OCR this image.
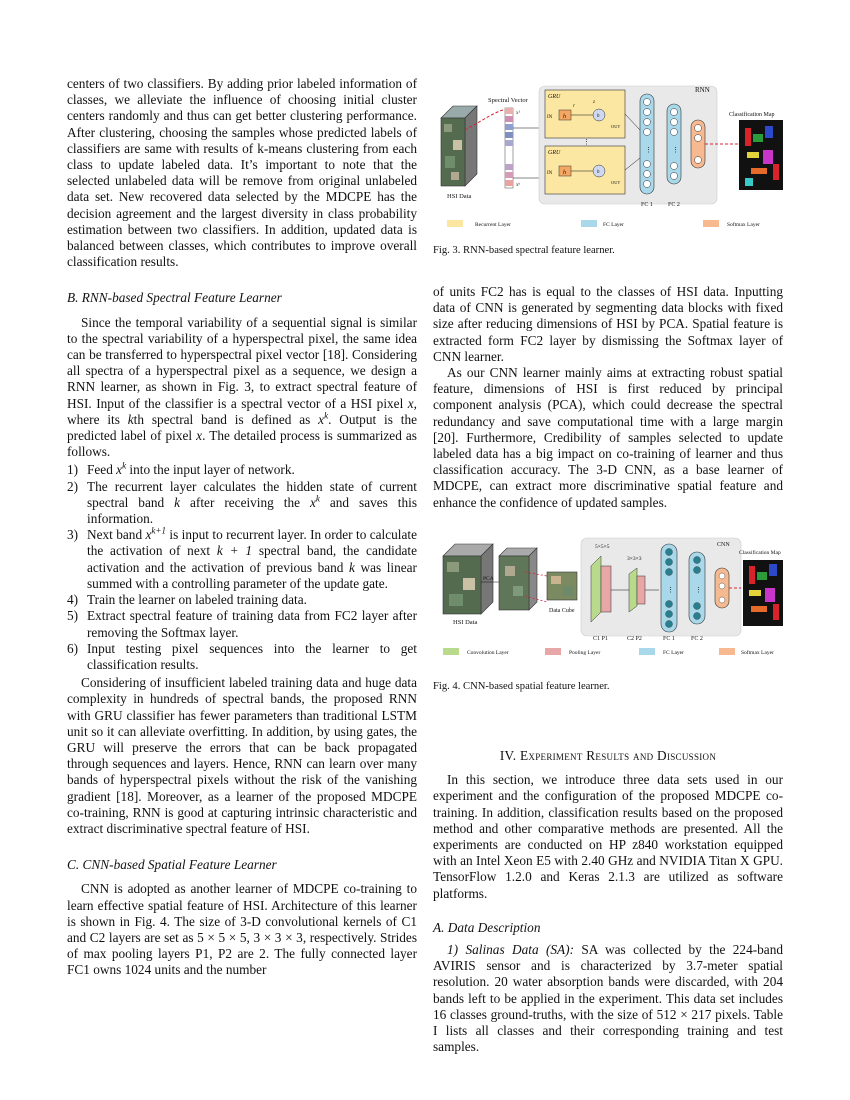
centers of two classifiers. By adding prior labeled information of classes, we alleviate the influence of choosing initial cluster centers randomly and thus can get better clustering performance. After clustering, choosing the samples whose predicted labels of classifiers are same with results of k-means clustering from each class to update labeled data. It’s important to note that the selected unlabeled data will be remove from original unlabeled data set. New recovered data selected by the MDCPE has the decision agreement and the largest diversity in class probability estimation between two classifiers. In addition, updated data is balanced between classes, which contributes to improve overall classification results.

B. RNN-based Spectral Feature Learner

Since the temporal variability of a sequential signal is similar to the spectral variability of a hyperspectral pixel, the same idea can be transferred to hyperspectral pixel vector [18]. Considering all spectra of a hyperspectral pixel as a sequence, we design a RNN learner, as shown in Fig. 3, to extract spectral feature of HSI. Input of the classifier is a spectral vector of a HSI pixel x, where its kth spectral band is defined as $x^k$. Output is the predicted label of pixel x. The detailed process is summarized as follows.

1) Feed $x^k$ into the input layer of network.
2) The recurrent layer calculates the hidden state of current spectral band k after receiving the $x^k$ and saves this information.
3) Next band $x^{k+1}$ is input to recurrent layer. In order to calculate the activation of next k + 1 spectral band, the candidate activation and the activation of previous band k was linear summed with a controlling parameter of the update gate.
4) Train the learner on labeled training data.
5) Extract spectral feature of training data from FC2 layer after removing the Softmax layer.
6) Input testing pixel sequences into the learner to get classification results.

Considering of insufficient labeled training data and huge data complexity in hundreds of spectral bands, the proposed RNN with GRU classifier has fewer parameters than traditional LSTM unit so it can alleviate overfitting. In addition, by using gates, the GRU will preserve the errors that can be back propagated through sequences and layers. Hence, RNN can learn over many bands of hyperspectral pixels without the risk of the vanishing gradient [18]. Moreover, as a learner of the proposed MDCPE co-training, RNN is good at capturing intrinsic characteristic and extract discriminative spectral feature of HSI.

C. CNN-based Spatial Feature Learner

CNN is adopted as another learner of MDCPE co-training to learn effective spatial feature of HSI. Architecture of this learner is shown in Fig. 4. The size of 3-D convolutional kernels of C1 and C2 layers are set as 5 × 5 × 5, 3 × 3 × 3, respectively. Strides of max pooling layers P1, P2 are 2. The fully connected layer FC1 owns 1024 units and the number

HSI Data
Spectral Vector
x¹
xᵏ
RNN
GRU
IN h	h
OUT
z
r
GRU
IN h	h
OUT
⋮
⋮	⋮
FC 1	FC 2
Classification Map
Recurrent Layer	FC Layer	Softmax Layer
Fig. 3. RNN-based spectral feature learner.

of units FC2 has is equal to the classes of HSI data. Inputting data of CNN is generated by segmenting data blocks with fixed size after reducing dimensions of HSI by PCA. Spatial feature is extracted form FC2 layer by dismissing the Softmax layer of CNN learner.

As our CNN learner mainly aims at extracting robust spatial feature, dimensions of HSI is first reduced by principal component analysis (PCA), which could decrease the spectral redundancy and save computational time with a large margin [20]. Furthermore, Credibility of samples selected to update labeled data has a big impact on co-training of learner and thus classification accuracy. The 3-D CNN, as a base learner of MDCPE, can extract more discriminative spatial feature and enhance the confidence of updated samples.

HSI Data
PCA
Data Cube
CNN
5×5×5
3×3×3
⋮	⋮
C1 P1	C2 P2	FC 1	FC 2
Classification Map
Convolution Layer	Pooling Layer	FC Layer	Softmax Layer
Fig. 4. CNN-based spatial feature learner.
IV. Experiment Results and Discussion

In this section, we introduce three data sets used in our experiment and the configuration of the proposed MDCPE co-training. In addition, classification results based on the proposed method and other comparative methods are presented. All the experiments are conducted on HP z840 workstation equipped with an Intel Xeon E5 with 2.40 GHz and NVIDIA Titan X GPU. TensorFlow 1.2.0 and Keras 2.1.3 are utilized as software platforms.

A. Data Description

1) Salinas Data (SA): SA was collected by the 224-band AVIRIS sensor and is characterized by 3.7-meter spatial resolution. 20 water absorption bands were discarded, with 204 bands left to be applied in the experiment. This data set includes 16 classes ground-truths, with the size of 512 × 217 pixels. Table I lists all classes and their corresponding training and test samples.
